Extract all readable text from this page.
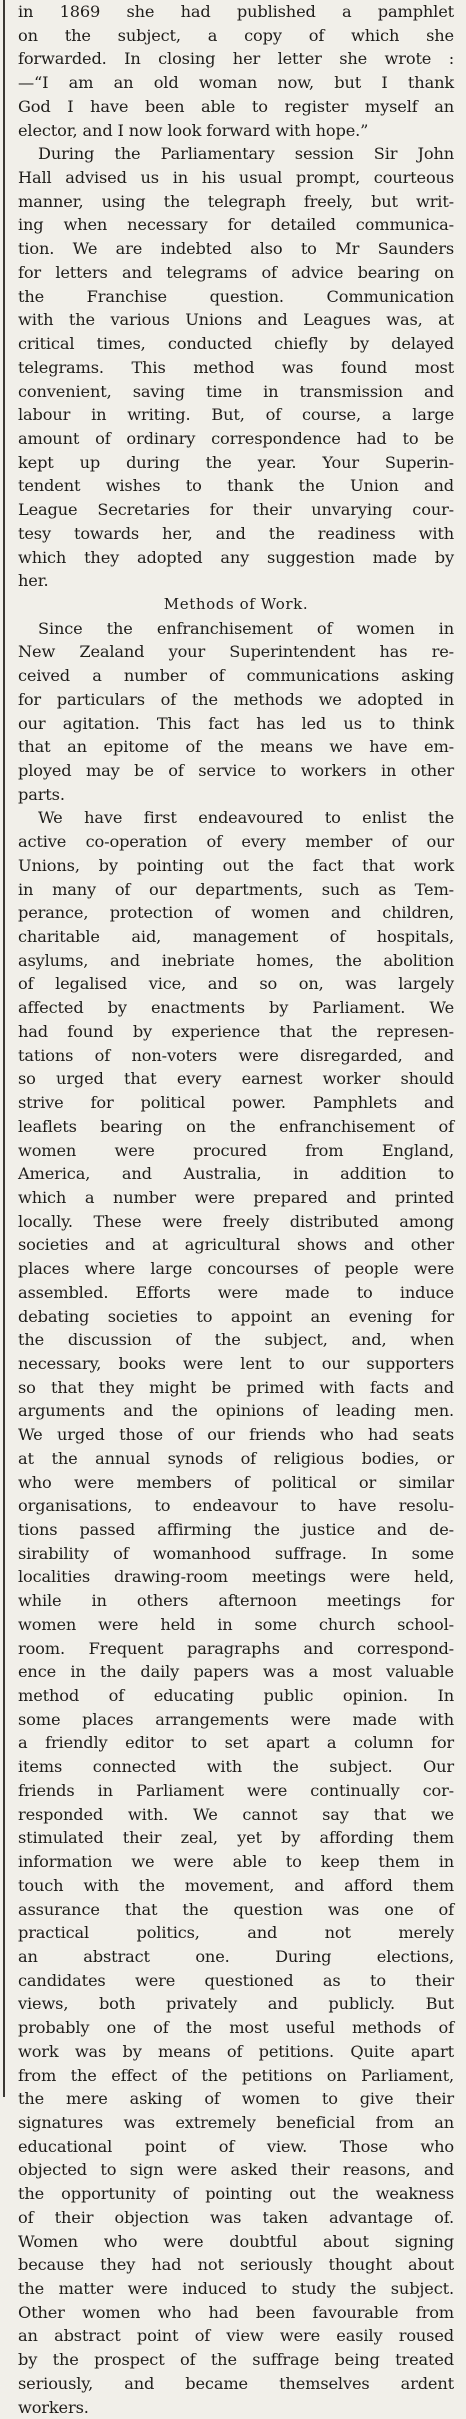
in 1869 she had published a pamphlet
on the subject, a copy of which she
forwarded. In closing her letter she wrote :
—“I am an old woman now, but I thank
God I have been able to register myself an
elector, and I now look forward with hope.”
During the Parliamentary session Sir John
Hall advised us in his usual prompt, courteous
manner, using the telegraph freely, but writ-
ing when necessary for detailed communica-
tion. We are indebted also to Mr Saunders
for letters and telegrams of advice bearing on
the Franchise question. Communication
with the various Unions and Leagues was, at
critical times, conducted chiefly by delayed
telegrams. This method was found most
convenient, saving time in transmission and
labour in writing. But, of course, a large
amount of ordinary correspondence had to be
kept up during the year. Your Superin-
tendent wishes to thank the Union and
League Secretaries for their unvarying cour-
tesy towards her, and the readiness with
which they adopted any suggestion made by
her.
Methods of Work.
Since the enfranchisement of women in
New Zealand your Superintendent has re-
ceived a number of communications asking
for particulars of the methods we adopted in
our agitation. This fact has led us to think
that an epitome of the means we have em-
ployed may be of service to workers in other
parts.
We have first endeavoured to enlist the
active co-operation of every member of our
Unions, by pointing out the fact that work
in many of our departments, such as Tem-
perance, protection of women and children,
charitable aid, management of hospitals,
asylums, and inebriate homes, the abolition
of legalised vice, and so on, was largely
affected by enactments by Parliament. We
had found by experience that the represen-
tations of non-voters were disregarded, and
so urged that every earnest worker should
strive for political power. Pamphlets and
leaflets bearing on the enfranchisement of
women were procured from England,
America, and Australia, in addition to
which a number were prepared and printed
locally. These were freely distributed among
societies and at agricultural shows and other
places where large concourses of people were
assembled. Efforts were made to induce
debating societies to appoint an evening for
the discussion of the subject, and, when
necessary, books were lent to our supporters
so that they might be primed with facts and
arguments and the opinions of leading men.
We urged those of our friends who had seats
at the annual synods of religious bodies, or
who were members of political or similar
organisations, to endeavour to have resolu-
tions passed affirming the justice and de-
sirability of womanhood suffrage. In some
localities drawing-room meetings were held,
while in others afternoon meetings for
women were held in some church school-
room. Frequent paragraphs and correspond-
ence in the daily papers was a most valuable
method of educating public opinion. In
some places arrangements were made with
a friendly editor to set apart a column for
items connected with the subject. Our
friends in Parliament were continually cor-
responded with. We cannot say that we
stimulated their zeal, yet by affording them
information we were able to keep them in
touch with the movement, and afford them
assurance that the question was one of
practical politics, and not merely
an abstract one. During elections,
candidates were questioned as to their
views, both privately and publicly. But
probably one of the most useful methods of
work was by means of petitions. Quite apart
from the effect of the petitions on Parliament,
the mere asking of women to give their
signatures was extremely beneficial from an
educational point of view. Those who
objected to sign were asked their reasons, and
the opportunity of pointing out the weakness
of their objection was taken advantage of.
Women who were doubtful about signing
because they had not seriously thought about
the matter were induced to study the subject.
Other women who had been favourable from
an abstract point of view were easily roused
by the prospect of the suffrage being treated
seriously, and became themselves ardent
workers.
